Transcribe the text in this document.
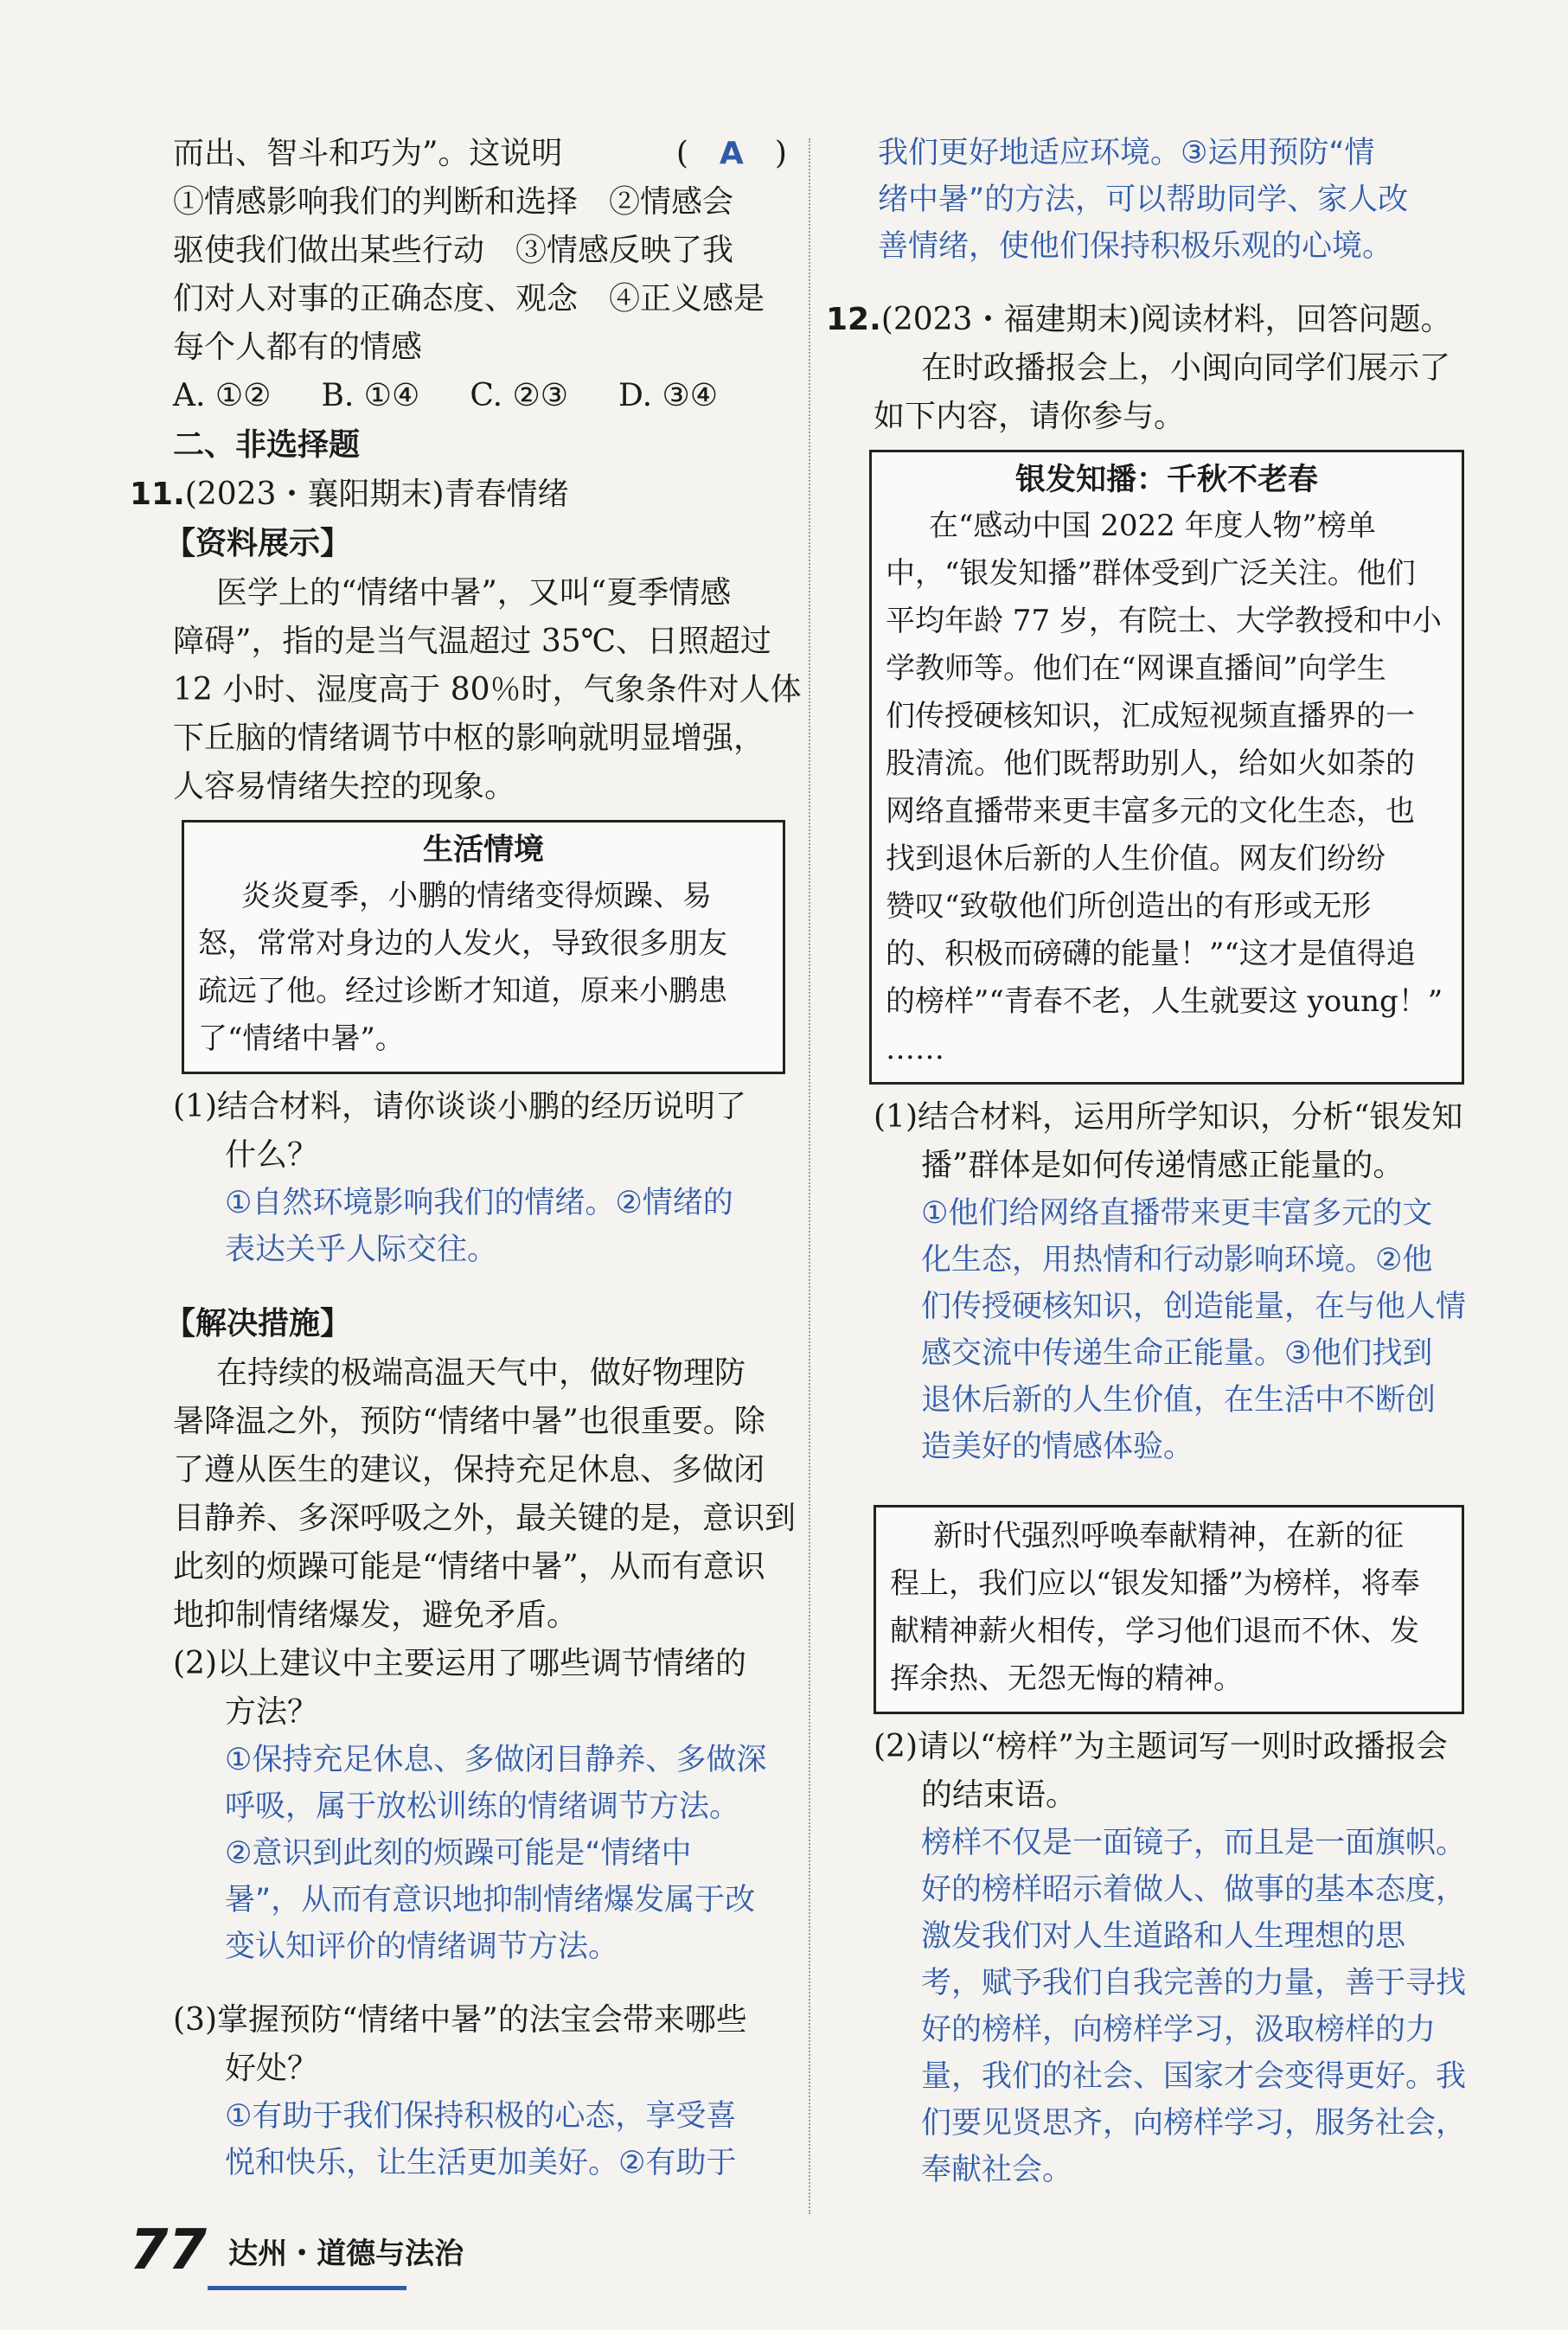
而出、智斗和巧为”。这说明	(　 A　 )
①情感影响我们的判断和选择　②情感会
驱使我们做出某些行动　③情感反映了我
们对人对事的正确态度、观念　④正义感是
每个人都有的情感
A. ①② B. ①④ C. ②③ D. ③④
二、非选择题
11.(2023・襄阳期末)青春情绪
【资料展示】
医学上的“情绪中暑”，又叫“夏季情感
障碍”，指的是当气温超过 35℃、日照超过
12 小时、湿度高于 80％时，气象条件对人体
下丘脑的情绪调节中枢的影响就明显增强，
人容易情绪失控的现象。
生活情境
炎炎夏季，小鹏的情绪变得烦躁、易
怒，常常对身边的人发火，导致很多朋友
疏远了他。经过诊断才知道，原来小鹏患
了“情绪中暑”。
(1)结合材料，请你谈谈小鹏的经历说明了
什么？
①自然环境影响我们的情绪。②情绪的
表达关乎人际交往。
【解决措施】
在持续的极端高温天气中，做好物理防
暑降温之外，预防“情绪中暑”也很重要。除
了遵从医生的建议，保持充足休息、多做闭
目静养、多深呼吸之外，最关键的是，意识到
此刻的烦躁可能是“情绪中暑”，从而有意识
地抑制情绪爆发，避免矛盾。
(2)以上建议中主要运用了哪些调节情绪的
方法？
①保持充足休息、多做闭目静养、多做深
呼吸，属于放松训练的情绪调节方法。
②意识到此刻的烦躁可能是“情绪中
暑”，从而有意识地抑制情绪爆发属于改
变认知评价的情绪调节方法。
(3)掌握预防“情绪中暑”的法宝会带来哪些
好处？
①有助于我们保持积极的心态，享受喜
悦和快乐，让生活更加美好。②有助于
我们更好地适应环境。③运用预防“情
绪中暑”的方法，可以帮助同学、家人改
善情绪，使他们保持积极乐观的心境。
12.(2023・福建期末)阅读材料，回答问题。
在时政播报会上，小闽向同学们展示了
如下内容，请你参与。
银发知播：千秋不老春
在“感动中国 2022 年度人物”榜单
中，“银发知播”群体受到广泛关注。他们
平均年龄 77 岁，有院士、大学教授和中小
学教师等。他们在“网课直播间”向学生
们传授硬核知识，汇成短视频直播界的一
股清流。他们既帮助别人，给如火如荼的
网络直播带来更丰富多元的文化生态，也
找到退休后新的人生价值。网友们纷纷
赞叹“致敬他们所创造出的有形或无形
的、积极而磅礴的能量！”“这才是值得追
的榜样”“青春不老，人生就要这 young！”
……
(1)结合材料，运用所学知识，分析“银发知
播”群体是如何传递情感正能量的。
①他们给网络直播带来更丰富多元的文
化生态，用热情和行动影响环境。②他
们传授硬核知识，创造能量，在与他人情
感交流中传递生命正能量。③他们找到
退休后新的人生价值，在生活中不断创
造美好的情感体验。
新时代强烈呼唤奉献精神，在新的征
程上，我们应以“银发知播”为榜样，将奉
献精神薪火相传，学习他们退而不休、发
挥余热、无怨无悔的精神。
(2)请以“榜样”为主题词写一则时政播报会
的结束语。
榜样不仅是一面镜子，而且是一面旗帜。
好的榜样昭示着做人、做事的基本态度，
激发我们对人生道路和人生理想的思
考，赋予我们自我完善的力量，善于寻找
好的榜样，向榜样学习，汲取榜样的力
量，我们的社会、国家才会变得更好。我
们要见贤思齐，向榜样学习，服务社会，
奉献社会。
77 达州・道德与法治
